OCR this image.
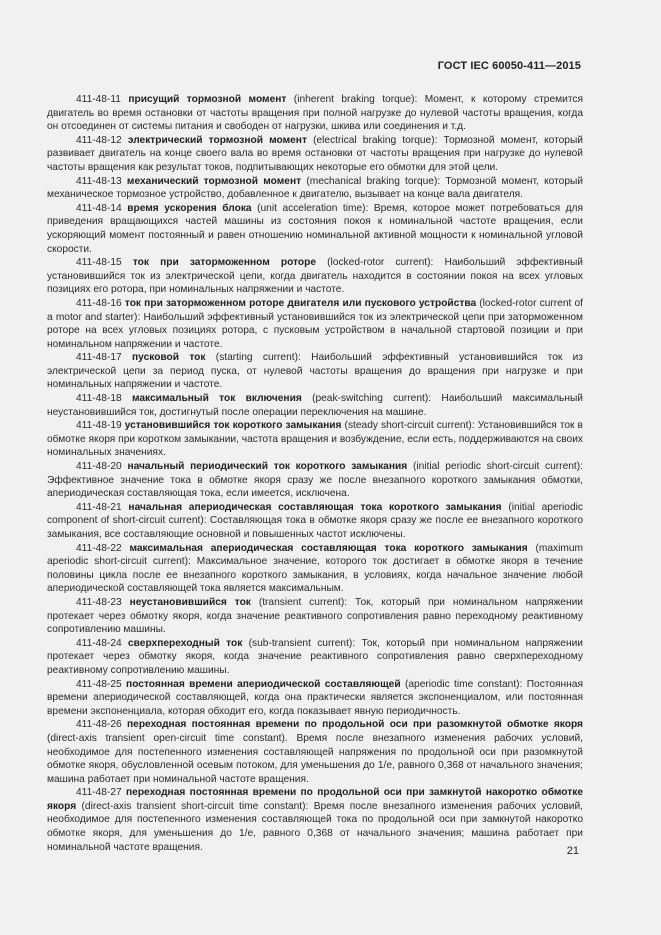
ГОСТ IEC 60050-411—2015

411-48-11 присущий тормозной момент (inherent braking torque): Момент, к которому стремится двигатель во время остановки от частоты вращения при полной нагрузке до нулевой частоты вращения, когда он отсоединен от системы питания и свободен от нагрузки, шкива или соединения и т.д.

411-48-12 электрический тормозной момент (electrical braking torque): Тормозной момент, который развивает двигатель на конце своего вала во время остановки от частоты вращения при нагрузке до нулевой частоты вращения как результат токов, подпитывающих некоторые его обмотки для этой цели.

411-48-13 механический тормозной момент (mechanical braking torque): Тормозной момент, который механическое тормозное устройство, добавленное к двигателю, вызывает на конце вала двигателя.

411-48-14 время ускорения блока (unit acceleration time): Время, которое может потребоваться для приведения вращающихся частей машины из состояния покоя к номинальной частоте вращения, если ускоряющий момент постоянный и равен отношению номинальной активной мощности к номинальной угловой скорости.

411-48-15 ток при заторможенном роторе (locked-rotor current): Наибольший эффективный установившийся ток из электрической цепи, когда двигатель находится в состоянии покоя на всех угловых позициях его ротора, при номинальных напряжении и частоте.

411-48-16 ток при заторможенном роторе двигателя или пускового устройства (locked-rotor current of a motor and starter): Наибольший эффективный установившийся ток из электрической цепи при заторможенном роторе на всех угловых позициях ротора, с пусковым устройством в начальной стартовой позиции и при номинальном напряжении и частоте.

411-48-17 пусковой ток (starting current): Наибольший эффективный установившийся ток из электрической цепи за период пуска, от нулевой частоты вращения до вращения при нагрузке и при номинальных напряжении и частоте.

411-48-18 максимальный ток включения (peak-switching current): Наибольший максимальный неустановившийся ток, достигнутый после операции переключения на машине.

411-48-19 установившийся ток короткого замыкания (steady short-circuit current): Установившийся ток в обмотке якоря при коротком замыкании, частота вращения и возбуждение, если есть, поддерживаются на своих номинальных значениях.

411-48-20 начальный периодический ток короткого замыкания (initial periodic short-circuit current): Эффективное значение тока в обмотке якоря сразу же после внезапного короткого замыкания обмотки, апериодическая составляющая тока, если имеется, исключена.

411-48-21 начальная апериодическая составляющая тока короткого замыкания (initial aperiodic component of short-circuit current): Составляющая тока в обмотке якоря сразу же после ее внезапного короткого замыкания, все составляющие основной и повышенных частот исключены.

411-48-22 максимальная апериодическая составляющая тока короткого замыкания (maximum aperiodic short-circuit current): Максимальное значение, которого ток достигает в обмотке якоря в течение половины цикла после ее внезапного короткого замыкания, в условиях, когда начальное значение любой апериодической составляющей тока является максимальным.

411-48-23 неустановившийся ток (transient current): Ток, который при номинальном напряжении протекает через обмотку якоря, когда значение реактивного сопротивления равно переходному реактивному сопротивлению машины.

411-48-24 сверхпереходный ток (sub-transient current): Ток, который при номинальном напряжении протекает через обмотку якоря, когда значение реактивного сопротивления равно сверхпереходному реактивному сопротивлению машины.

411-48-25 постоянная времени апериодической составляющей (aperiodic time constant): Постоянная времени апериодической составляющей, когда она практически является экспоненциалом, или постоянная времени экспоненциала, которая обходит его, когда показывает явную периодичность.

411-48-26 переходная постоянная времени по продольной оси при разомкнутой обмотке якоря (direct-axis transient open-circuit time constant). Время после внезапного изменения рабочих условий, необходимое для постепенного изменения составляющей напряжения по продольной оси при разомкнутой обмотке якоря, обусловленной осевым потоком, для уменьшения до 1/е, равного 0,368 от начального значения; машина работает при номинальной частоте вращения.

411-48-27 переходная постоянная времени по продольной оси при замкнутой накоротко обмотке якоря (direct-axis transient short-circuit time constant): Время после внезапного изменения рабочих условий, необходимое для постепенного изменения составляющей тока по продольной оси при замкнутой накоротко обмотке якоря, для уменьшения до 1/е, равного 0,368 от начального значения; машина работает при номинальной частоте вращения.	21
